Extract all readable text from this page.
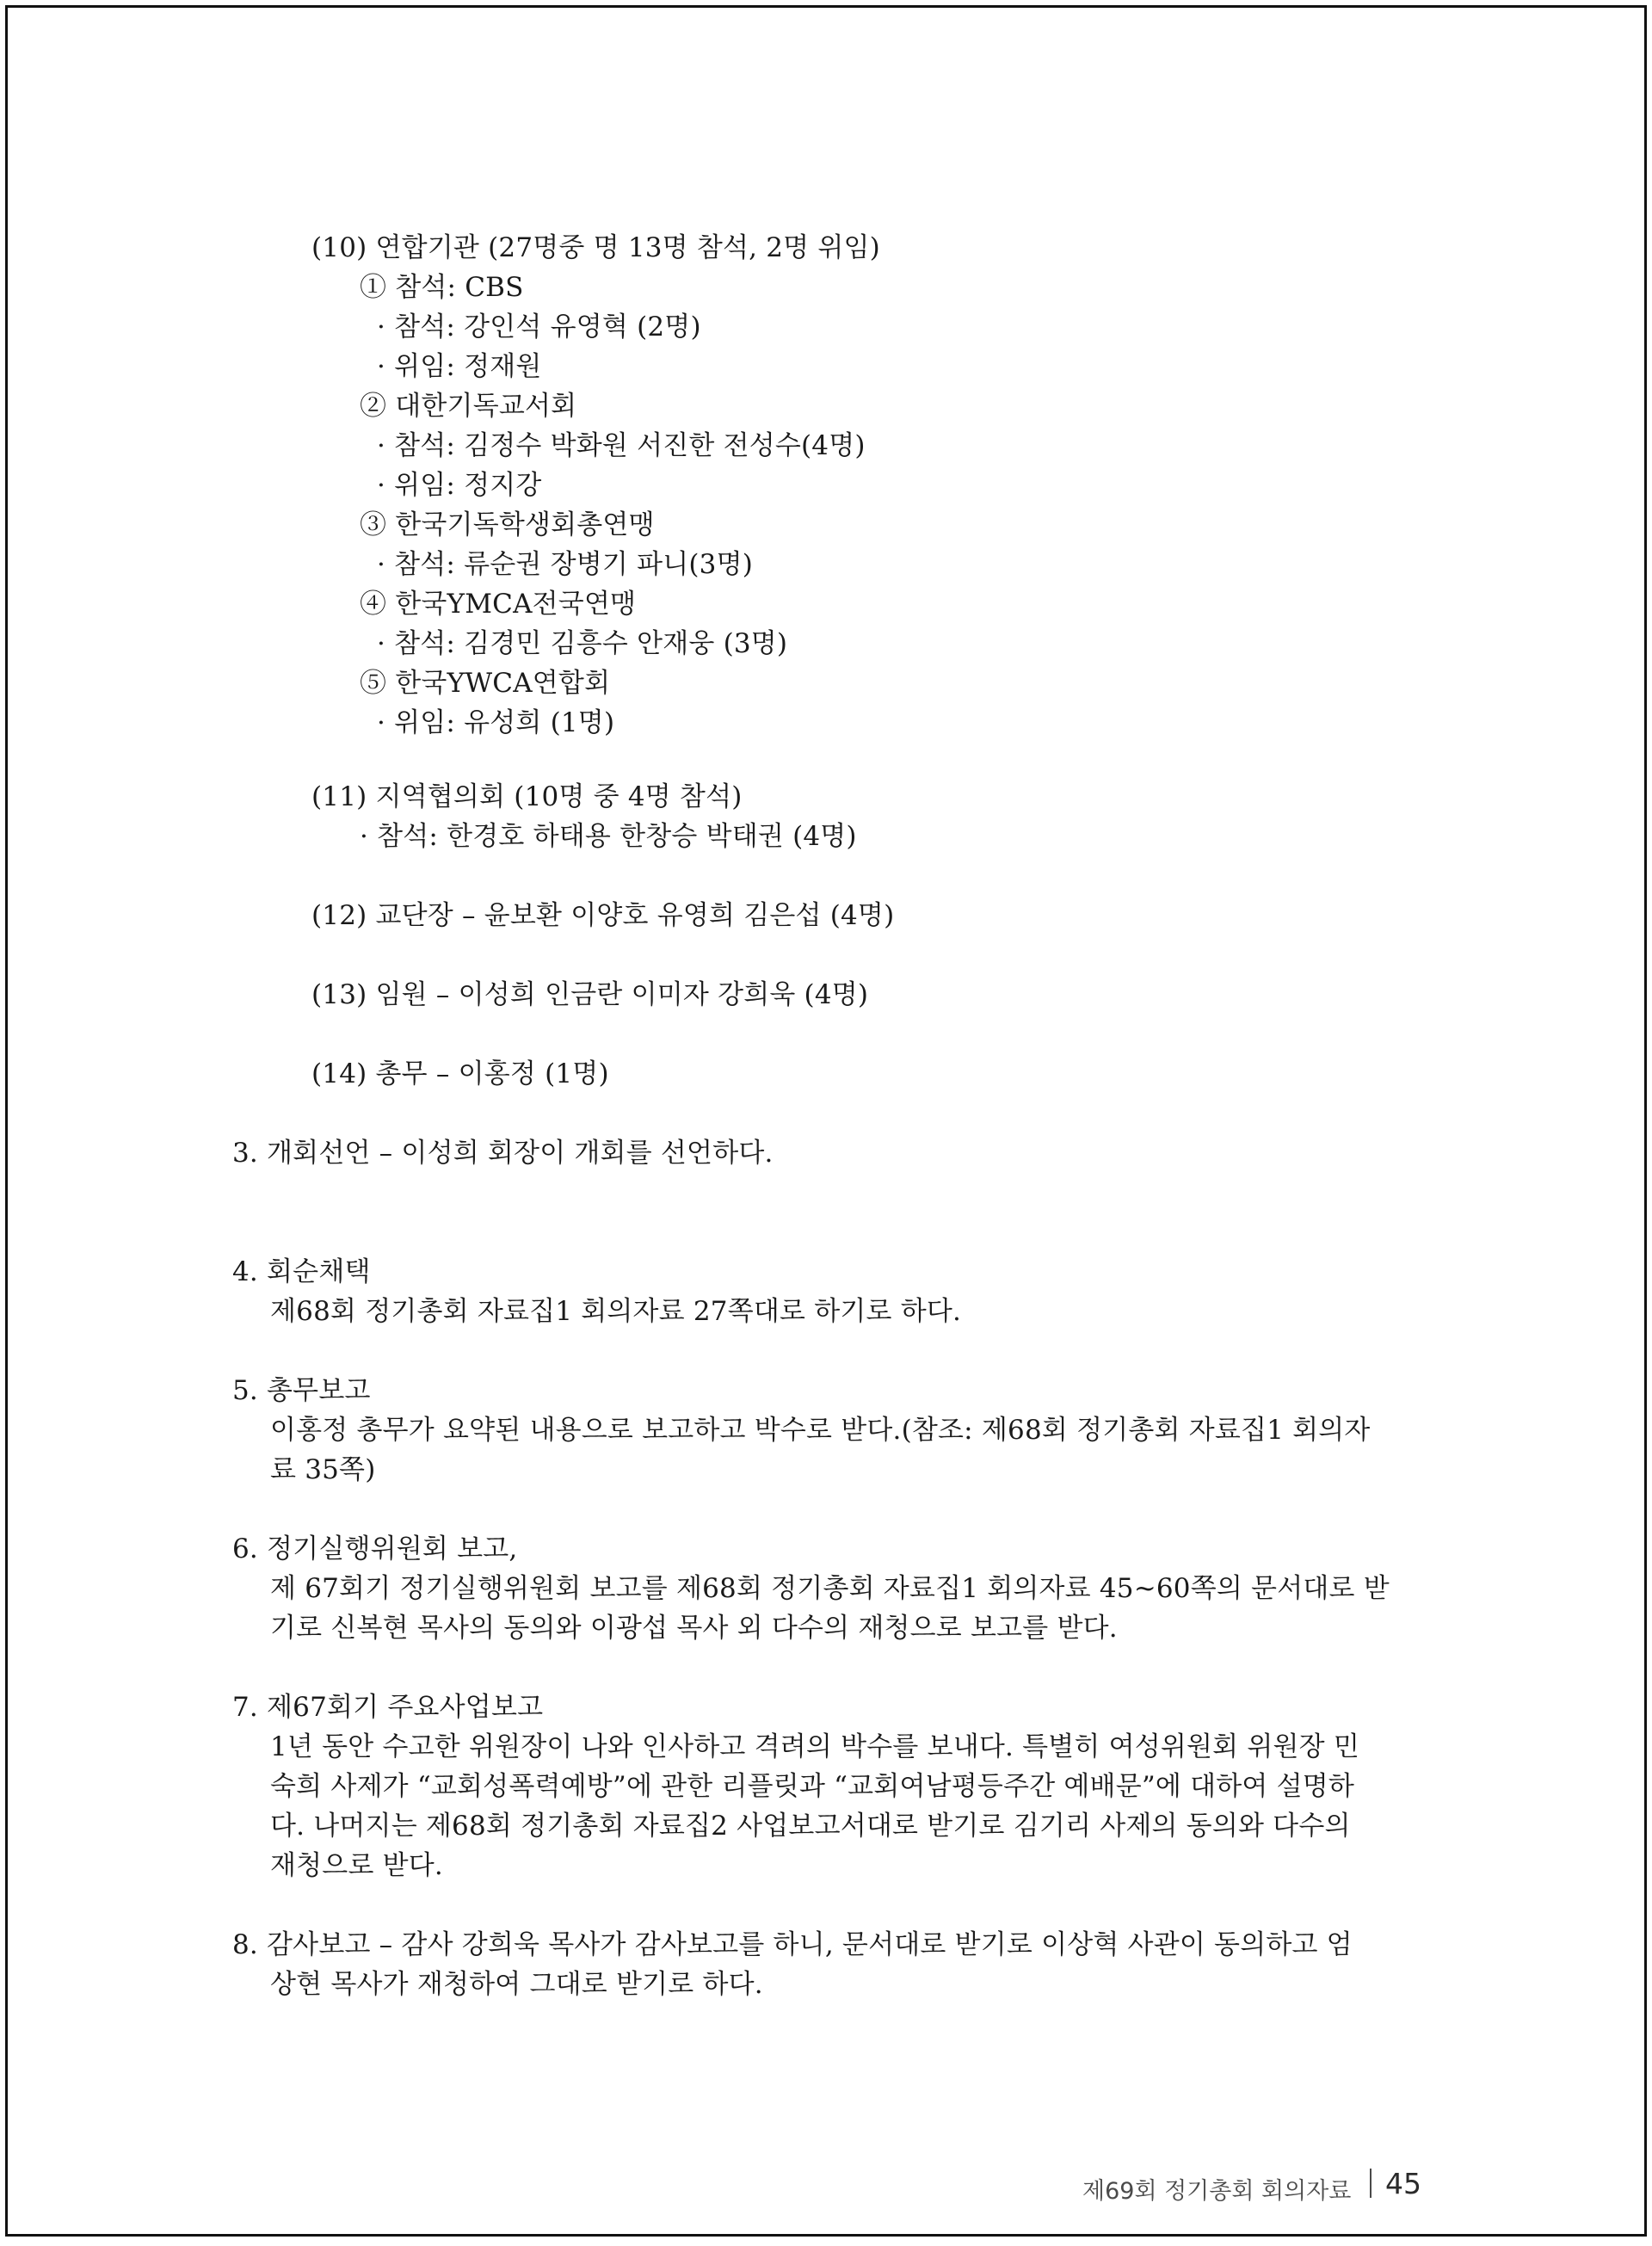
(10) 연합기관 (27명중 명 13명 참석, 2명 위임)
① 참석: CBS
· 참석: 강인석 유영혁 (2명)
· 위임: 정재원
② 대한기독교서회
· 참석: 김정수 박화원 서진한 전성수(4명)
· 위임: 정지강
③ 한국기독학생회총연맹
· 참석: 류순권 장병기 파니(3명)
④ 한국YMCA전국연맹
· 참석: 김경민 김흥수 안재웅 (3명)
⑤ 한국YWCA연합회
· 위임: 유성희 (1명)
(11) 지역협의회 (10명 중 4명 참석)
· 참석: 한경호 하태용 한창승 박태권 (4명)
(12) 교단장 – 윤보환 이양호 유영희 김은섭 (4명)
(13) 임원 – 이성희 인금란 이미자 강희욱 (4명)
(14) 총무 – 이홍정 (1명)
3. 개회선언 – 이성희 회장이 개회를 선언하다.
4. 회순채택
제68회 정기총회 자료집1 회의자료 27쪽대로 하기로 하다.
5. 총무보고
이홍정 총무가 요약된 내용으로 보고하고 박수로 받다.(참조: 제68회 정기총회 자료집1 회의자
료 35쪽)
6. 정기실행위원회 보고,
제 67회기 정기실행위원회 보고를 제68회 정기총회 자료집1 회의자료 45~60쪽의 문서대로 받
기로 신복현 목사의 동의와 이광섭 목사 외 다수의 재청으로 보고를 받다.
7. 제67회기 주요사업보고
1년 동안 수고한 위원장이 나와 인사하고 격려의 박수를 보내다. 특별히 여성위원회 위원장 민
숙희 사제가 “교회성폭력예방”에 관한 리플릿과 “교회여남평등주간 예배문”에 대하여 설명하
다. 나머지는 제68회 정기총회 자료집2 사업보고서대로 받기로 김기리 사제의 동의와 다수의
재청으로 받다.
8. 감사보고 – 감사 강희욱 목사가 감사보고를 하니, 문서대로 받기로 이상혁 사관이 동의하고 엄
상현 목사가 재청하여 그대로 받기로 하다.
제69회 정기총회 회의자료 45
